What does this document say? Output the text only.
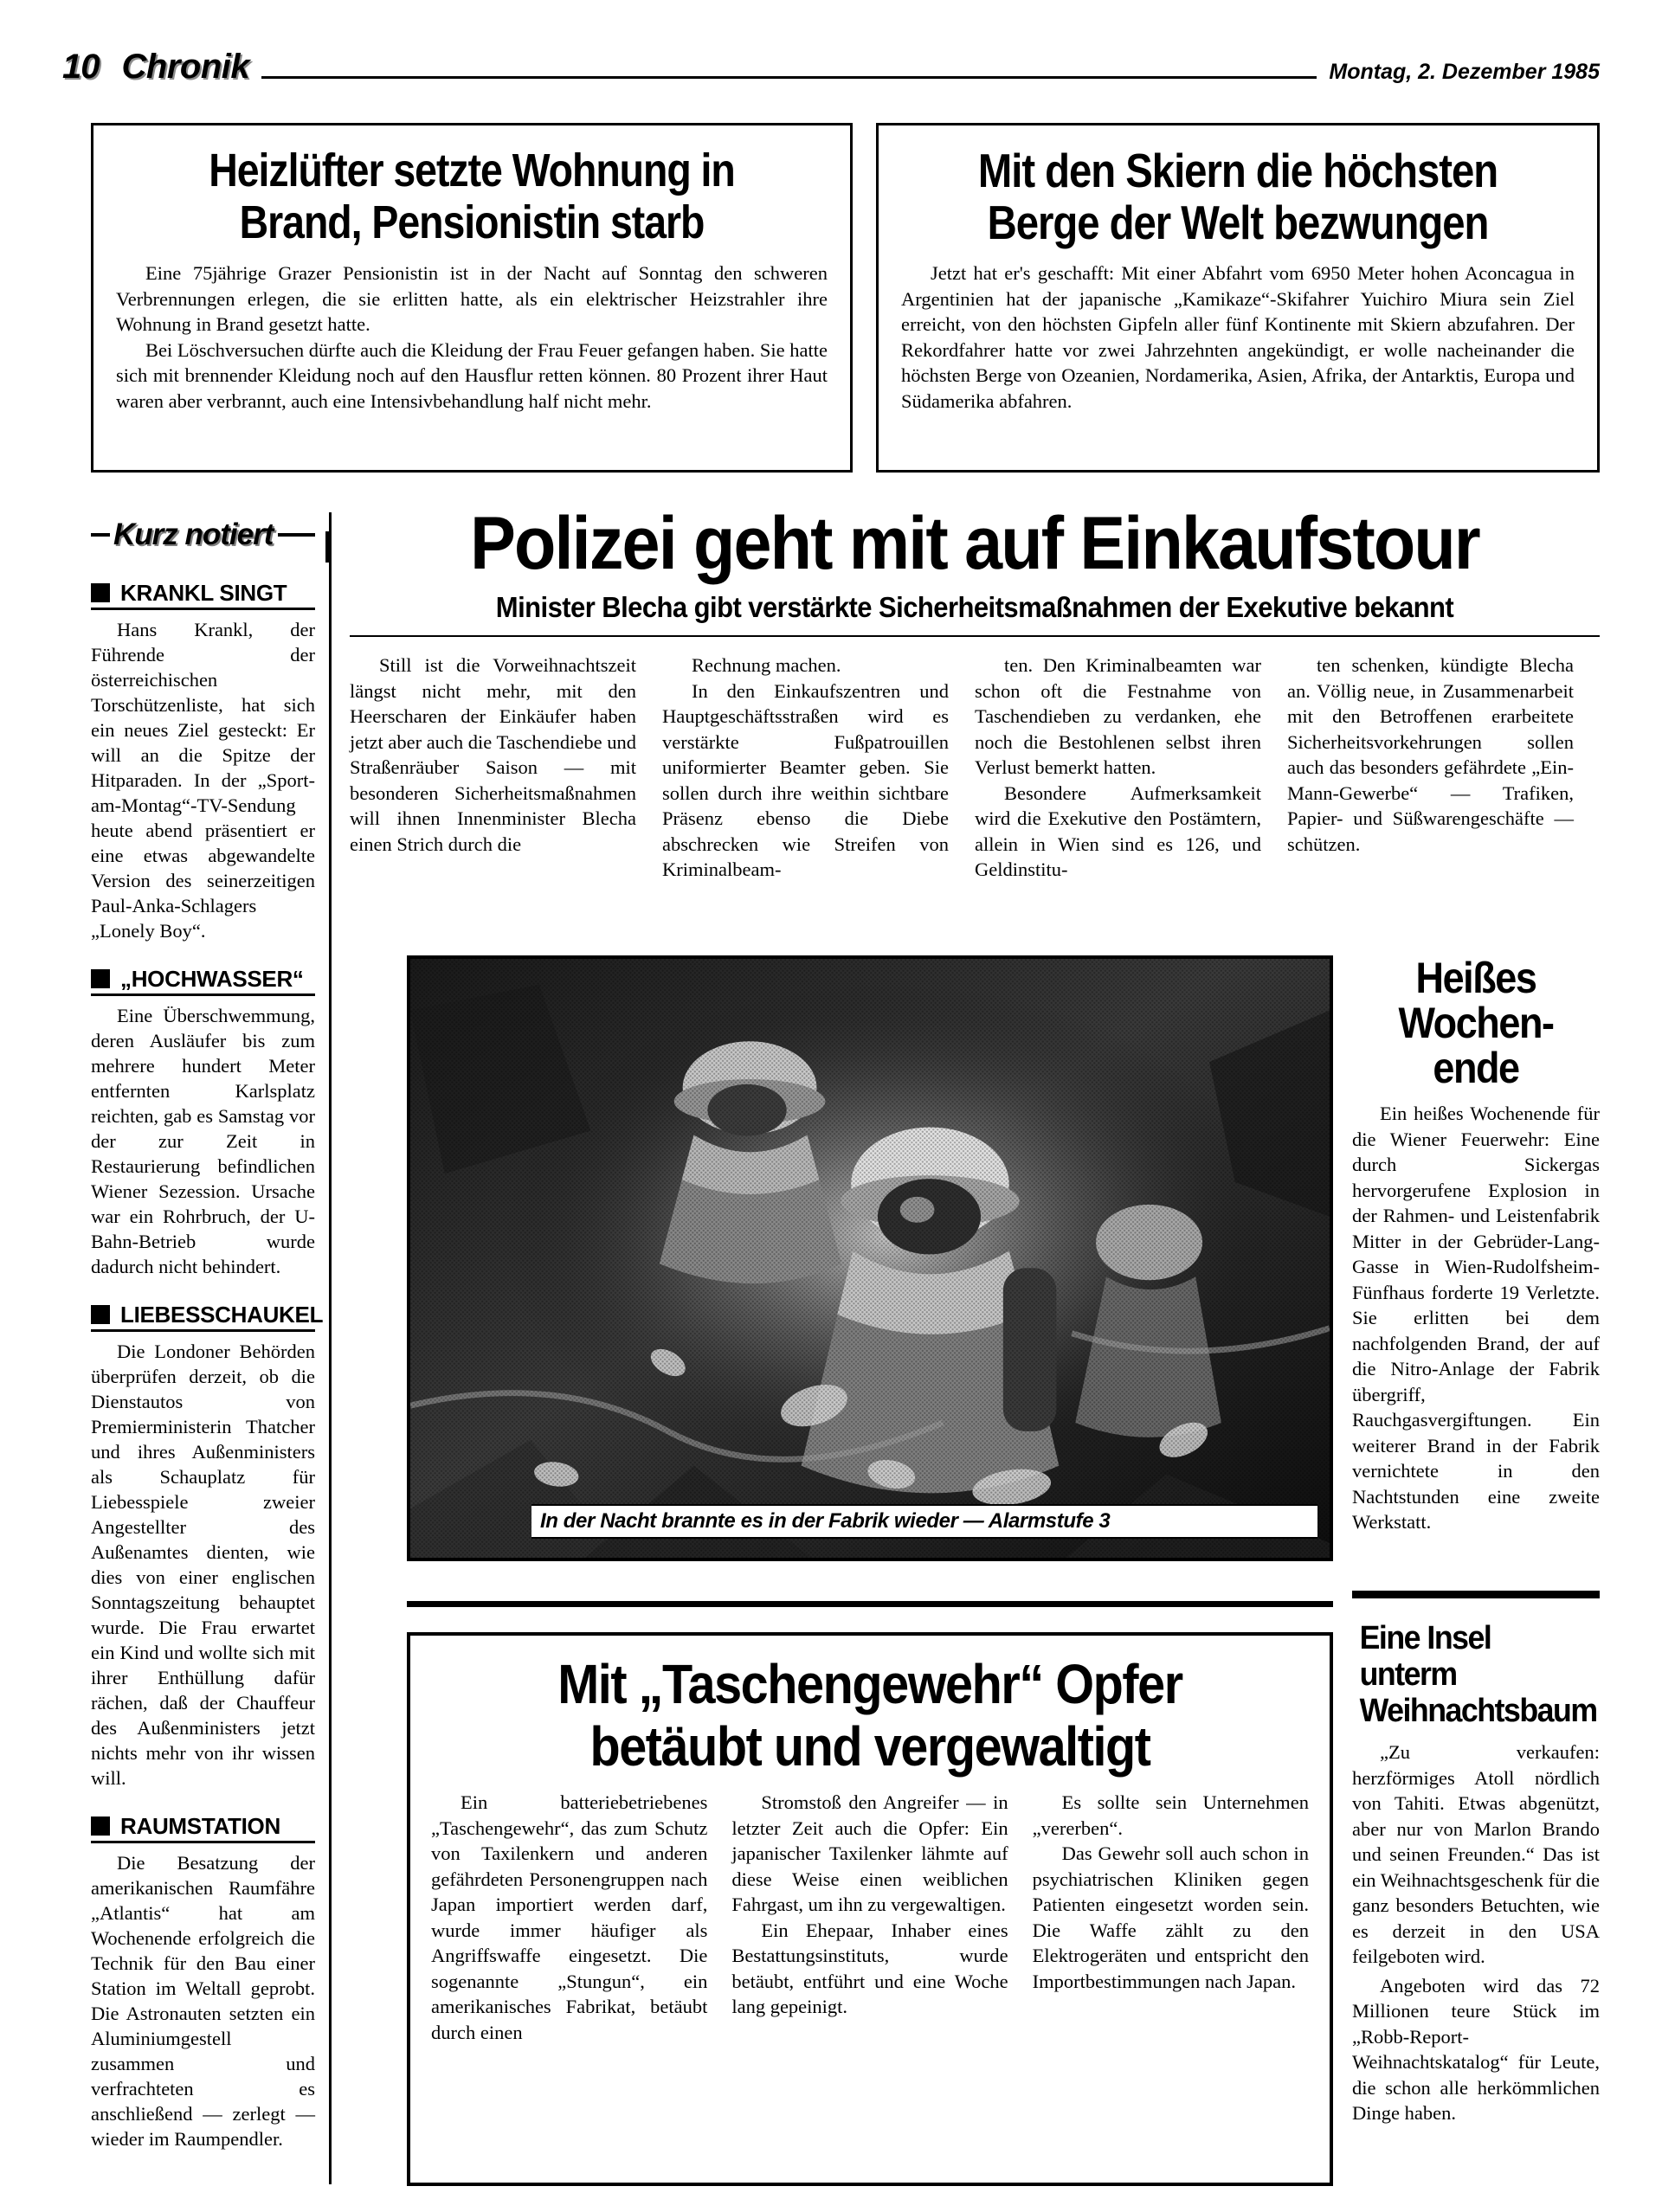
10 Chronik	Montag, 2. Dezember 1985
Heizlüfter setzte Wohnung in Brand, Pensionistin starb

Eine 75jährige Grazer Pensionistin ist in der Nacht auf Sonntag den schweren Verbrennungen erlegen, die sie erlitten hatte, als ein elektrischer Heizstrahler ihre Wohnung in Brand gesetzt hatte.

Bei Löschversuchen dürfte auch die Kleidung der Frau Feuer gefangen haben. Sie hatte sich mit brennender Kleidung noch auf den Hausflur retten können. 80 Prozent ihrer Haut waren aber verbrannt, auch eine Intensivbehandlung half nicht mehr.

Mit den Skiern die höchsten Berge der Welt bezwungen

Jetzt hat er's geschafft: Mit einer Abfahrt vom 6950 Meter hohen Aconcagua in Argentinien hat der japanische „Kamikaze“-Skifahrer Yuichiro Miura sein Ziel erreicht, von den höchsten Gipfeln aller fünf Kontinente mit Skiern abzufahren. Der Rekordfahrer hatte vor zwei Jahrzehnten angekündigt, er wolle nacheinander die höchsten Berge von Ozeanien, Nordamerika, Asien, Afrika, der Antarktis, Europa und Südamerika abfahren.

Kurz notiert
KRANKL SINGT

Hans Krankl, der Führende der österreichischen Torschützenliste, hat sich ein neues Ziel gesteckt: Er will an die Spitze der Hitparaden. In der „Sport-am-Montag“-TV-Sendung heute abend präsentiert er eine etwas abgewandelte Version des seinerzeitigen Paul-Anka-Schlagers „Lonely Boy“.

„HOCHWASSER“

Eine Überschwemmung, deren Ausläufer bis zum mehrere hundert Meter entfernten Karlsplatz reichten, gab es Samstag vor der zur Zeit in Restaurierung befindlichen Wiener Sezession. Ursache war ein Rohrbruch, der U-Bahn-Betrieb wurde dadurch nicht behindert.

LIEBESSCHAUKEL

Die Londoner Behörden überprüfen derzeit, ob die Dienstautos von Premierministerin Thatcher und ihres Außenministers als Schauplatz für Liebesspiele zweier Angestellter des Außenamtes dienten, wie dies von einer englischen Sonntagszeitung behauptet wurde. Die Frau erwartet ein Kind und wollte sich mit ihrer Enthüllung dafür rächen, daß der Chauffeur des Außenministers jetzt nichts mehr von ihr wissen will.

RAUMSTATION

Die Besatzung der amerikanischen Raumfähre „Atlantis“ hat am Wochenende erfolgreich die Technik für den Bau einer Station im Weltall geprobt. Die Astronauten setzten ein Aluminiumgestell zusammen und verfrachteten es anschließend — zerlegt — wieder im Raumpendler.

Polizei geht mit auf Einkaufstour
Minister Blecha gibt verstärkte Sicherheitsmaßnahmen der Exekutive bekannt

Still ist die Vorweihnachtszeit längst nicht mehr, mit den Heerscharen der Einkäufer haben jetzt aber auch die Taschendiebe und Straßenräuber Saison — mit besonderen Sicherheitsmaßnahmen will ihnen Innenminister Blecha einen Strich durch die

Rechnung machen.

In den Einkaufszentren und Hauptgeschäftsstraßen wird es verstärkte Fußpatrouillen uniformierter Beamter geben. Sie sollen durch ihre weithin sichtbare Präsenz ebenso die Diebe abschrecken wie Streifen von Kriminalbeam-

ten. Den Kriminalbeamten war schon oft die Festnahme von Taschendieben zu verdanken, ehe noch die Bestohlenen selbst ihren Verlust bemerkt hatten.

Besondere Aufmerksamkeit wird die Exekutive den Postämtern, allein in Wien sind es 126, und Geldinstitu-

ten schenken, kündigte Blecha an. Völlig neue, in Zusammenarbeit mit den Betroffenen erarbeitete Sicherheitsvorkehrungen sollen auch das besonders gefährdete „Ein-Mann-Gewerbe“ — Trafiken, Papier- und Süßwarengeschäfte — schützen.

In der Nacht brannte es in der Fabrik wieder — Alarmstufe 3
Heißes
Wochen-
ende

Ein heißes Wochenende für die Wiener Feuerwehr: Eine durch Sickergas hervorgerufene Explosion in der Rahmen- und Leistenfabrik Mitter in der Gebrüder-Lang-Gasse in Wien-Rudolfsheim-Fünfhaus forderte 19 Verletzte. Sie erlitten bei dem nachfolgenden Brand, der auf die Nitro-Anlage der Fabrik übergriff, Rauchgasvergiftungen. Ein weiterer Brand in der Fabrik vernichtete in den Nachtstunden eine zweite Werkstatt.

Eine Insel unterm Weihnachtsbaum

„Zu verkaufen: herzförmiges Atoll nördlich von Tahiti. Etwas abgenützt, aber nur von Marlon Brando und seinen Freunden.“ Das ist ein Weihnachtsgeschenk für die ganz besonders Betuchten, wie es derzeit in den USA feilgeboten wird.

Angeboten wird das 72 Millionen teure Stück im „Robb-Report-Weihnachtskatalog“ für Leute, die schon alle herkömmlichen Dinge haben.

Mit „Taschengewehr“ Opfer betäubt und vergewaltigt

Ein batteriebetriebenes „Taschengewehr“, das zum Schutz von Taxilenkern und anderen gefährdeten Personengruppen nach Japan importiert werden darf, wurde immer häufiger als Angriffswaffe eingesetzt. Die sogenannte „Stungun“, ein amerikanisches Fabrikat, betäubt durch einen

Stromstoß den Angreifer — in letzter Zeit auch die Opfer: Ein japanischer Taxilenker lähmte auf diese Weise einen weiblichen Fahrgast, um ihn zu vergewaltigen.

Ein Ehepaar, Inhaber eines Bestattungsinstituts, wurde betäubt, entführt und eine Woche lang gepeinigt.

Es sollte sein Unternehmen „vererben“.

Das Gewehr soll auch schon in psychiatrischen Kliniken gegen Patienten eingesetzt worden sein. Die Waffe zählt zu den Elektrogeräten und entspricht den Importbestimmungen nach Japan.
